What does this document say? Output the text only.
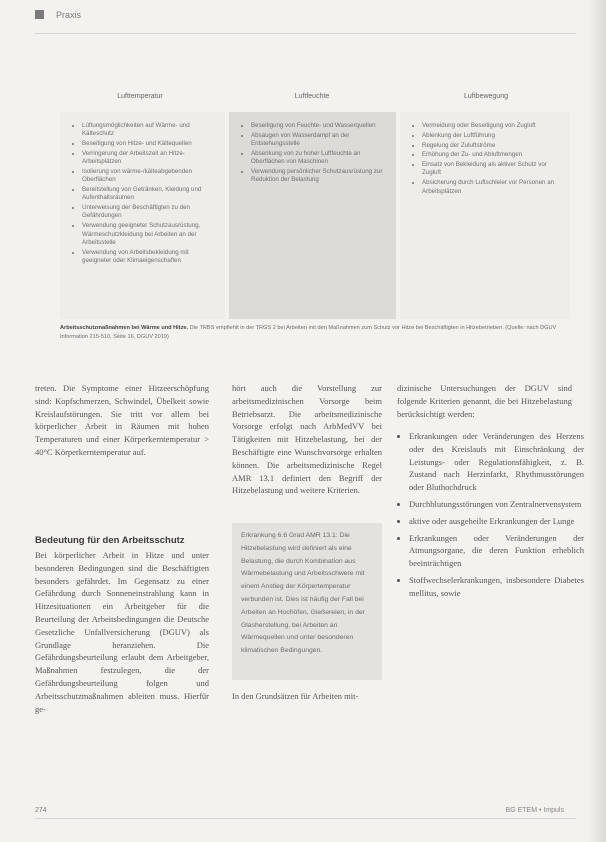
Praxis
Lufttemperatur	Luftfeuchte	Luftbewegung
• Lüftungsmöglichkeiten auf Wärme- und Kälteschutz
• Beseitigung von Hitze- und Kältequellen
• Verringerung der Arbeitszeit an Hitze-Arbeitsplätzen
• Isolierung von wärme-/kälteabgebenden Oberflächen
• Bereitstellung von Getränken, Kleidung und Aufenthaltsräumen
• Unterweisung der Beschäftigten zu den Gefährdungen
• Verwendung geeigneter Schutzausrüstung, Wärmeschutzkleidung bei Arbeiten an der Arbeitsstelle
• Verwendung von Arbeitsbekleidung mit geeigneter oder Klimaeigenschaften
• Beseitigung von Feuchte- und Wasserquellen
• Absaugen von Wasserdampf an der Entstehungsstelle
• Absenkung von zu hoher Luftfeuchte an Oberflächen von Maschinen
• Verwendung persönlicher Schutzausrüstung zur Reduktion der Belastung
• Vermeidung oder Beseitigung von Zugluft
• Ablenkung der Luftführung
• Regelung der Zuluftströme
• Erhöhung der Zu- und Abluftmengen
• Einsatz von Bekleidung als aktiver Schutz vor Zugluft
• Absicherung durch Luftschleier vor Personen an Arbeitsplätzen
Arbeitsschutzmaßnahmen bei Wärme und Hitze. Die TRBS empfiehlt in der TRGS 2 bei Arbeiten mit den Maßnahmen zum Schutz vor Hitze bei Beschäftigten in Hitzebetrieben. (Quelle: nach DGUV Information 215-510, Seite 16, DGUV 2019)
treten. Die Symptome einer Hitzeerschöpfung sind: Kopfschmerzen, Schwindel, Übelkeit sowie Kreislaufstörungen. Sie tritt vor allem bei körperlicher Arbeit in Räumen mit hohen Temperaturen und einer Körperkerntemperatur > 40°C Körperkerntemperatur auf.
Bedeutung für den Arbeitsschutz
Bei körperlicher Arbeit in Hitze und unter besonderen Bedingungen sind die Beschäftigten besonders gefährdet. Im Gegensatz zu einer Gefährdung durch Sonneneinstrahlung kann in Hitzesituationen ein Arbeitgeber für die Beurteilung der Arbeitsbedingungen die Deutsche Gesetzliche Unfallversicherung (DGUV) als Grundlage heranziehen. Die Gefährdungsbeurteilung erlaubt dem Arbeitgeber, Maßnahmen festzulegen, die der Gefährdungsbeurteilung folgen und Arbeitsschutzmaßnahmen ableiten muss. Hierfür ge-
hört auch die Vorstellung zur arbeitsmedizinischen Vorsorge beim Betriebsarzt. Die arbeitsmedizinische Vorsorge erfolgt nach ArbMedVV bei Tätigkeiten mit Hitzebelastung, bei der Beschäftigte eine Wunschvorsorge erhalten können. Die arbeitsmedizinische Regel AMR 13.1 definiert den Begriff der Hitzebelastung und weitere Kriterien.
Erkrankung 6.6 Grad AMR 13.1: Die Hitzebelastung wird definiert als eine Belastung, die durch Kombination aus Wärmebelastung und Arbeitsschwere mit einem Anstieg der Körpertemperatur verbunden ist. Dies ist häufig der Fall bei Arbeiten an Hochöfen, Gießereien, in der Glasherstellung, bei Arbeiten an Wärmequellen und unter besonderen klimatischen Bedingungen.
In den Grundsätzen für Arbeiten mit-
dizinische Untersuchungen der DGUV sind folgende Kriterien genannt, die bei Hitzebelastung berücksichtigt werden:
• Erkrankungen oder Veränderungen des Herzens oder des Kreislaufs mit Einschränkung der Leistungs- oder Regulationsfähigkeit, z. B. Zustand nach Herzinfarkt, Rhythmusstörungen oder Bluthochdruck
• Durchblutungsstörungen von Zentralnervensystem
• aktive oder ausgeheilte Erkrankungen der Lunge
• Erkrankungen oder Veränderungen der Atmungsorgane, die deren Funktion erheblich beeinträchtigen
• Stoffwechselerkrankungen, insbesondere Diabetes mellitus, sowie
274	BG ETEM • Impuls
